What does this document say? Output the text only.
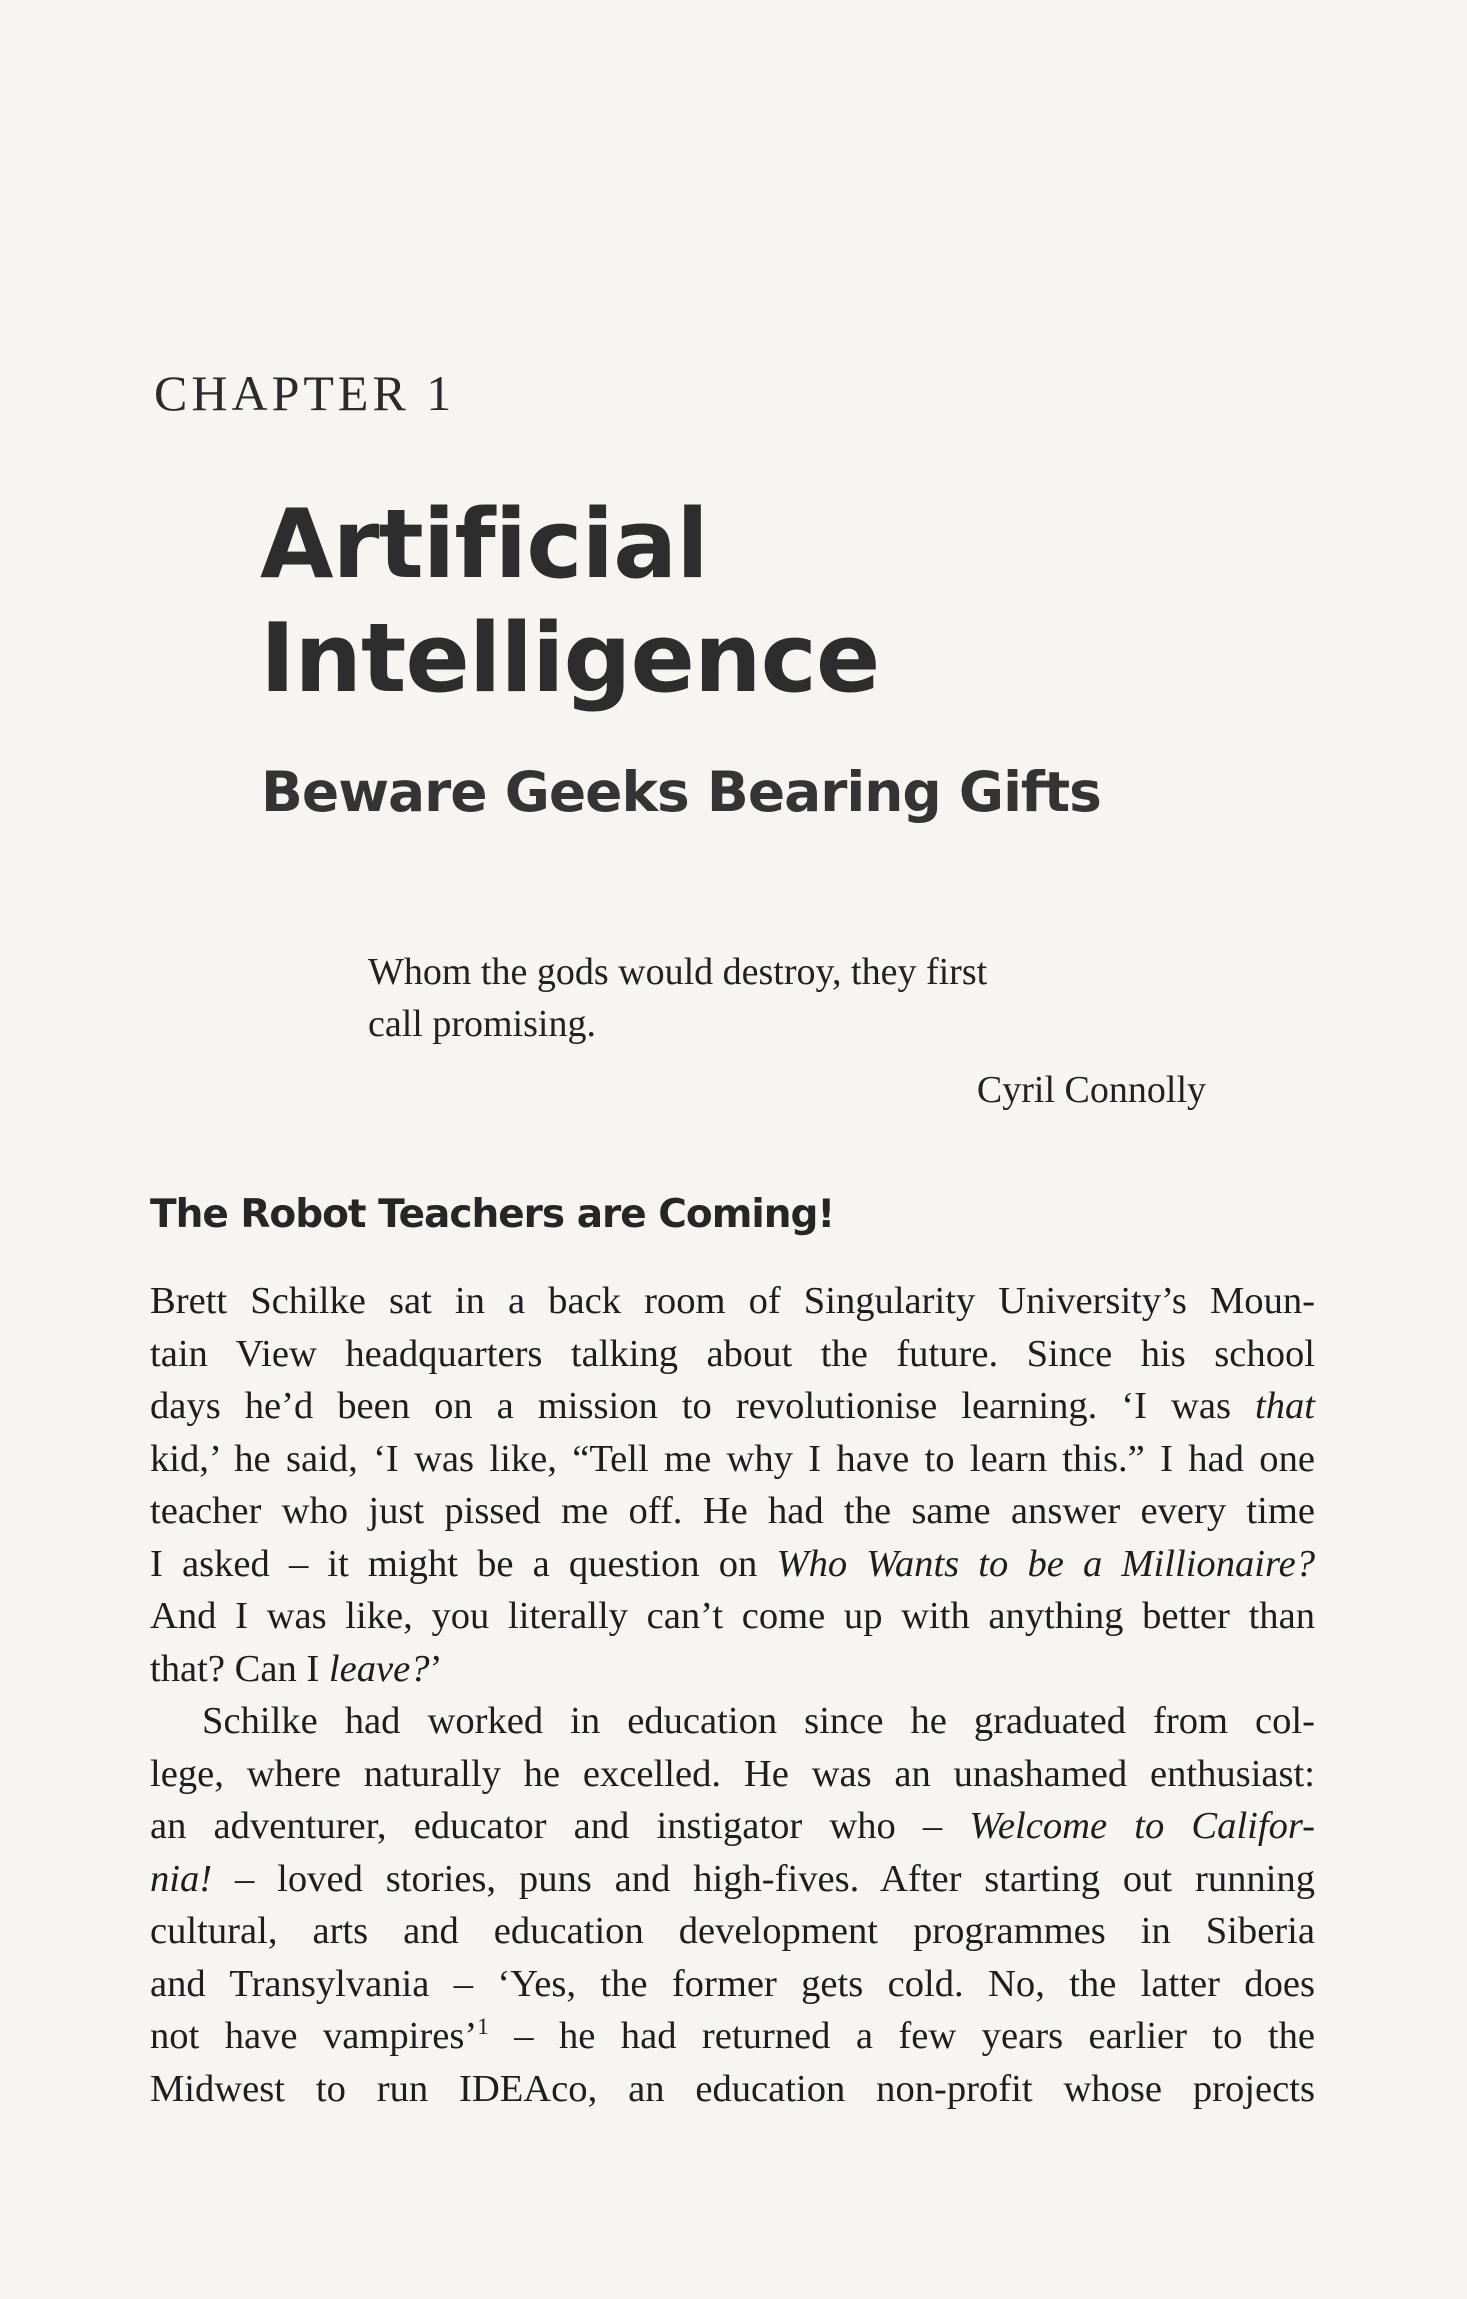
CHAPTER 1
Artificial
Intelligence
Beware Geeks Bearing Gifts
Whom the gods would destroy, they first
call promising.
Cyril Connolly
The Robot Teachers are Coming!
Brett Schilke sat in a back room of Singularity University’s Moun-
tain View headquarters talking about the future. Since his school
days he’d been on a mission to revolutionise learning. ‘I was that
kid,’ he said, ‘I was like, “Tell me why I have to learn this.” I had one
teacher who just pissed me off. He had the same answer every time
I asked – it might be a question on Who Wants to be a Millionaire?
And I was like, you literally can’t come up with anything better than
that? Can I leave?’
Schilke had worked in education since he graduated from col-
lege, where naturally he excelled. He was an unashamed enthusiast:
an adventurer, educator and instigator who – Welcome to Califor-
nia! – loved stories, puns and high-fives. After starting out running
cultural, arts and education development programmes in Siberia
and Transylvania – ‘Yes, the former gets cold. No, the latter does
not have vampires’$^1$ – he had returned a few years earlier to the
Midwest to run IDEAco, an education non-profit whose projects
